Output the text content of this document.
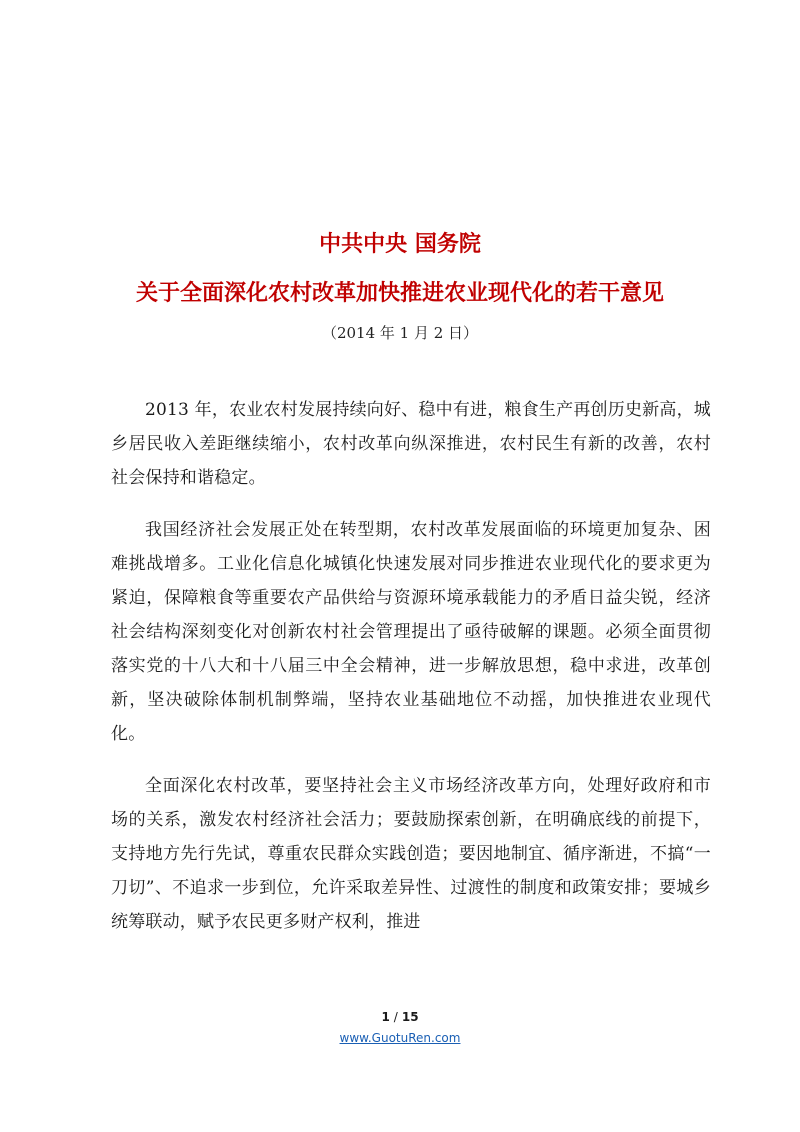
中共中央 国务院
关于全面深化农村改革加快推进农业现代化的若干意见
（2014 年 1 月 2 日）

2013 年，农业农村发展持续向好、稳中有进，粮食生产再创历史新高，城乡居民收入差距继续缩小，农村改革向纵深推进，农村民生有新的改善，农村社会保持和谐稳定。

我国经济社会发展正处在转型期，农村改革发展面临的环境更加复杂、困难挑战增多。工业化信息化城镇化快速发展对同步推进农业现代化的要求更为紧迫，保障粮食等重要农产品供给与资源环境承载能力的矛盾日益尖锐，经济社会结构深刻变化对创新农村社会管理提出了亟待破解的课题。必须全面贯彻落实党的十八大和十八届三中全会精神，进一步解放思想，稳中求进，改革创新，坚决破除体制机制弊端，坚持农业基础地位不动摇，加快推进农业现代化。

全面深化农村改革，要坚持社会主义市场经济改革方向，处理好政府和市场的关系，激发农村经济社会活力；要鼓励探索创新，在明确底线的前提下，支持地方先行先试，尊重农民群众实践创造；要因地制宜、循序渐进，不搞“一刀切”、不追求一步到位，允许采取差异性、过渡性的制度和政策安排；要城乡统筹联动，赋予农民更多财产权利，推进

1 / 15
www.GuotuRen.com
